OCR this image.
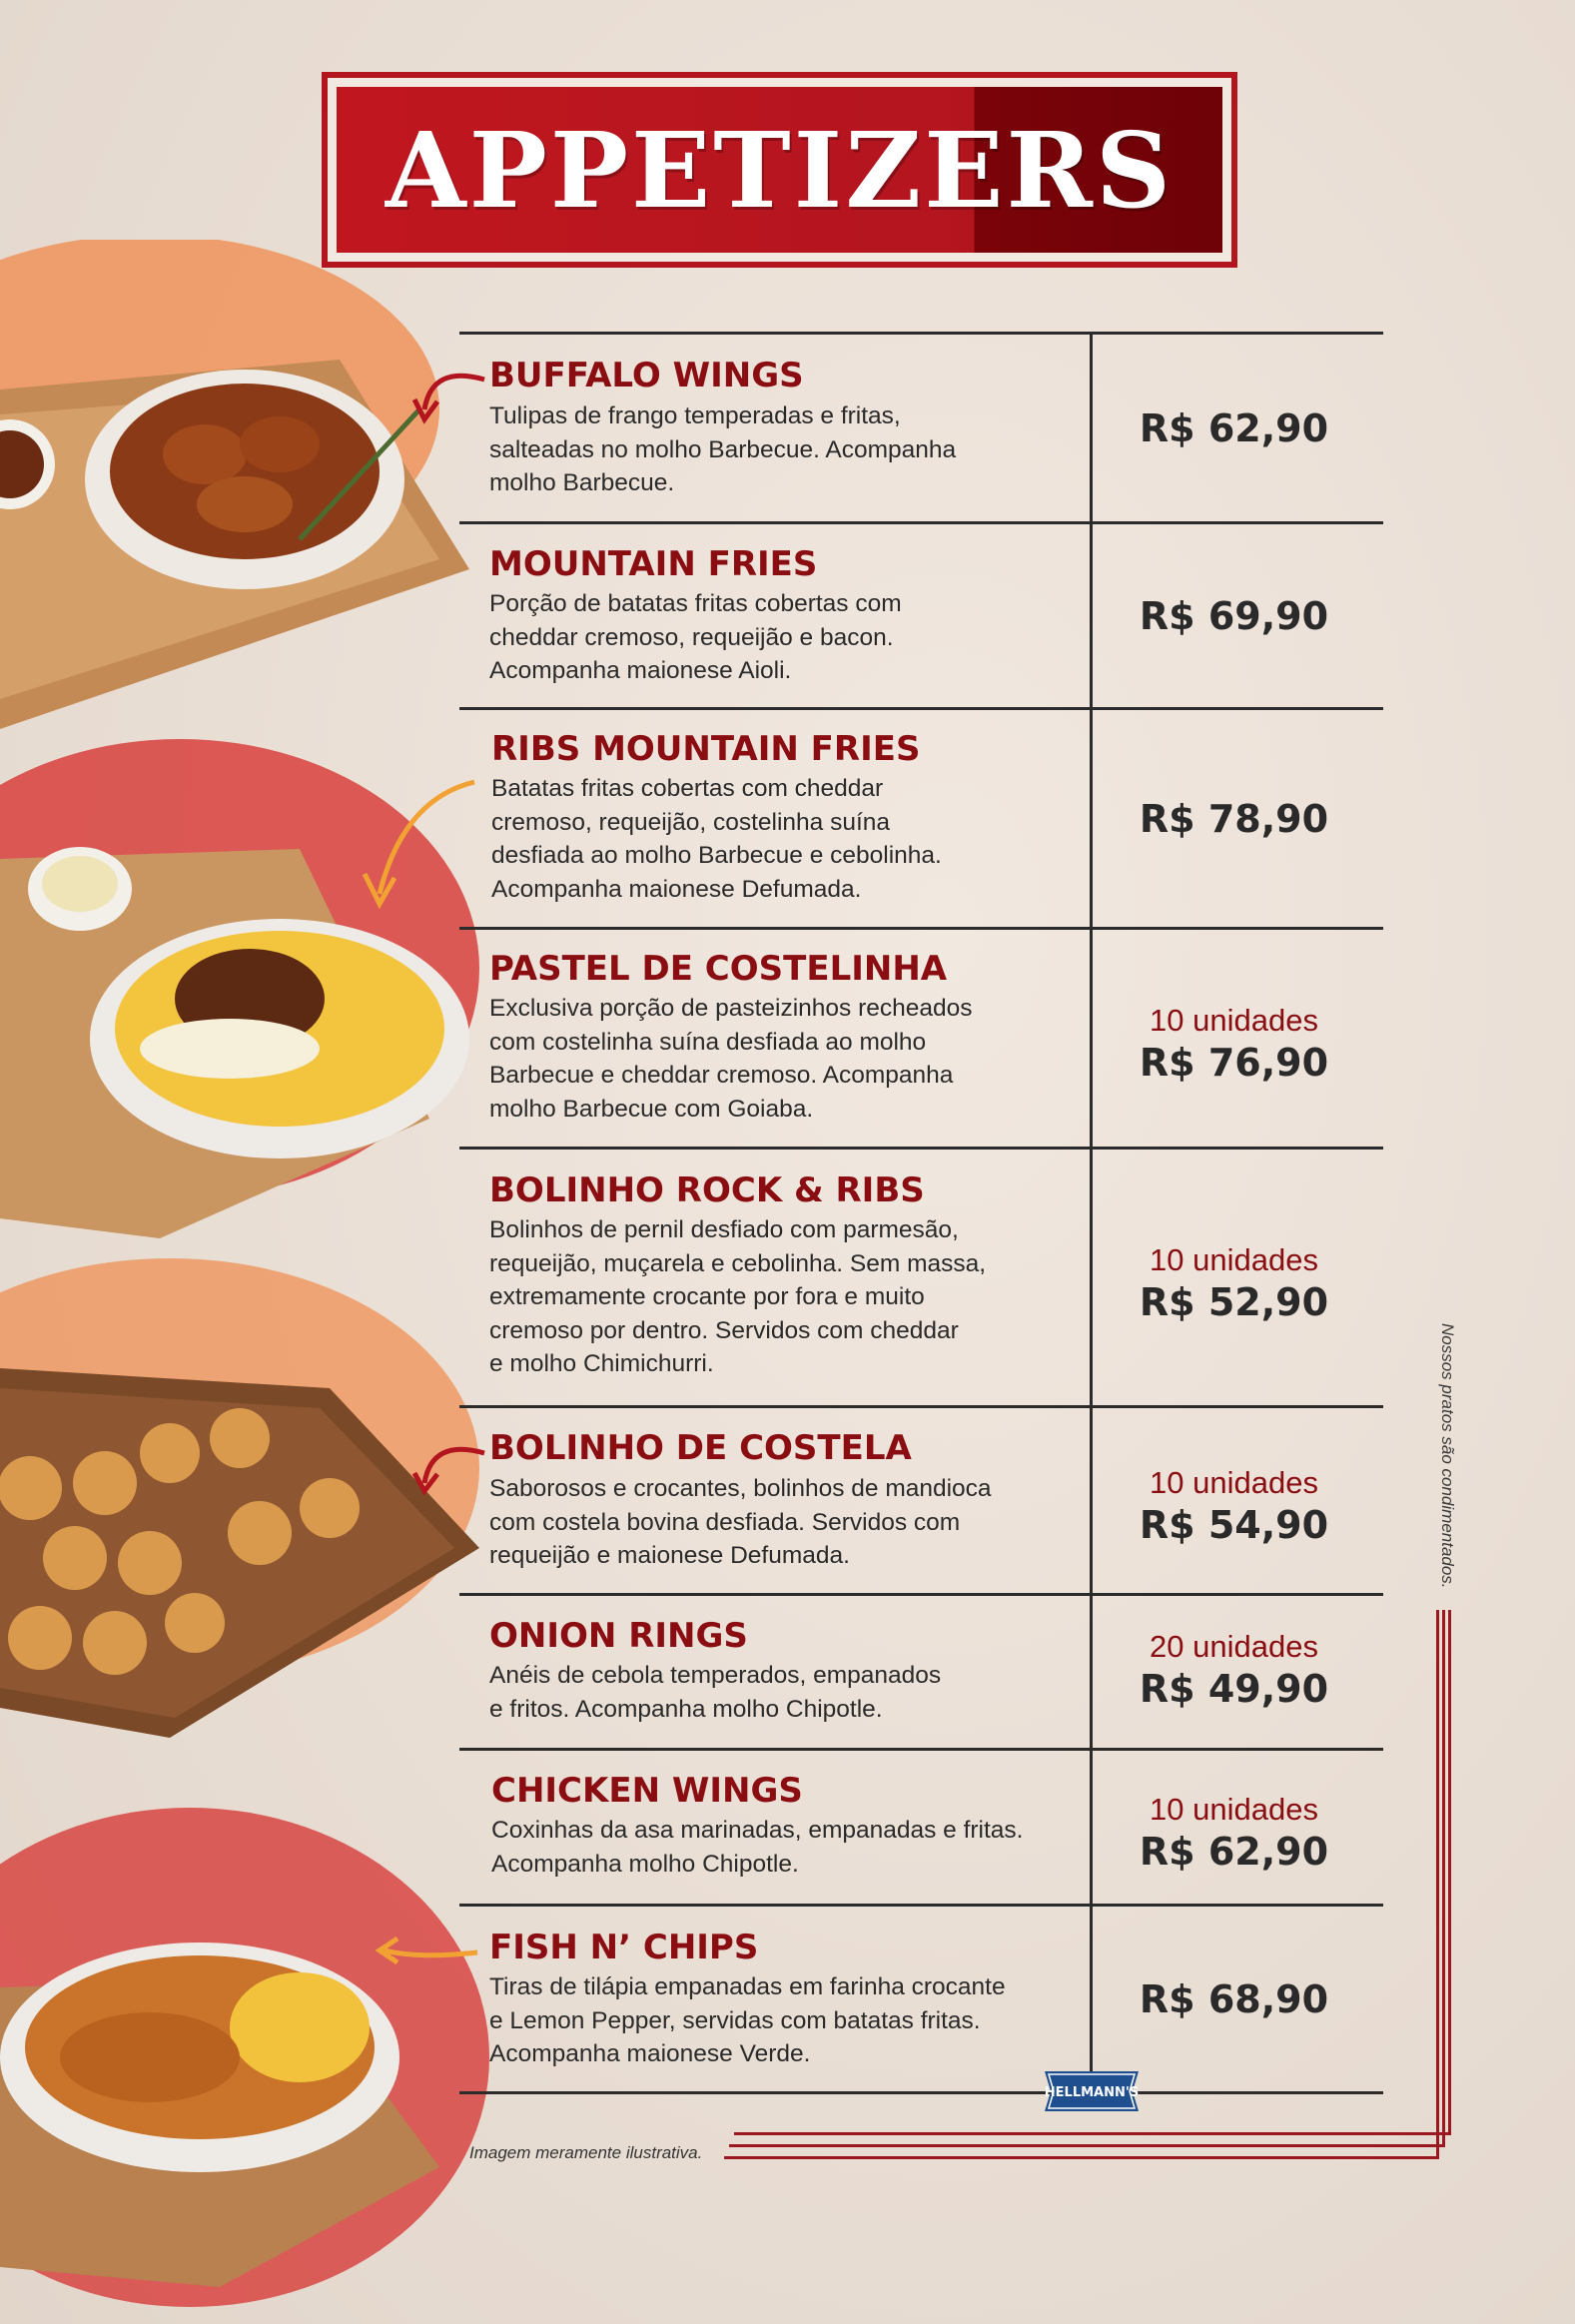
APPETIZERS
BUFFALO WINGS
Tulipas de frango temperadas e fritas,
salteadas no molho Barbecue. Acompanha
molho Barbecue.
R$ 62,90
MOUNTAIN FRIES
Porção de batatas fritas cobertas com
cheddar cremoso, requeijão e bacon.
Acompanha maionese Aioli.
R$ 69,90
RIBS MOUNTAIN FRIES
Batatas fritas cobertas com cheddar
cremoso, requeijão, costelinha suína
desfiada ao molho Barbecue e cebolinha.
Acompanha maionese Defumada.
R$ 78,90
PASTEL DE COSTELINHA
Exclusiva porção de pasteizinhos recheados
com costelinha suína desfiada ao molho
Barbecue e cheddar cremoso. Acompanha
molho Barbecue com Goiaba.
10 unidades
R$ 76,90
BOLINHO ROCK & RIBS
Bolinhos de pernil desfiado com parmesão,
requeijão, muçarela e cebolinha. Sem massa,
extremamente crocante por fora e muito
cremoso por dentro. Servidos com cheddar
e molho Chimichurri.
10 unidades
R$ 52,90
BOLINHO DE COSTELA
Saborosos e crocantes, bolinhos de mandioca
com costela bovina desfiada. Servidos com
requeijão e maionese Defumada.
10 unidades
R$ 54,90
ONION RINGS
Anéis de cebola temperados, empanados
e fritos. Acompanha molho Chipotle.
20 unidades
R$ 49,90
CHICKEN WINGS
Coxinhas da asa marinadas, empanadas e fritas.
Acompanha molho Chipotle.
10 unidades
R$ 62,90
FISH N’ CHIPS
Tiras de tilápia empanadas em farinha crocante
e Lemon Pepper, servidas com batatas fritas.
Acompanha maionese Verde.
R$ 68,90
Nossos pratos são condimentados.
HELLMANN'S
Imagem meramente ilustrativa.
